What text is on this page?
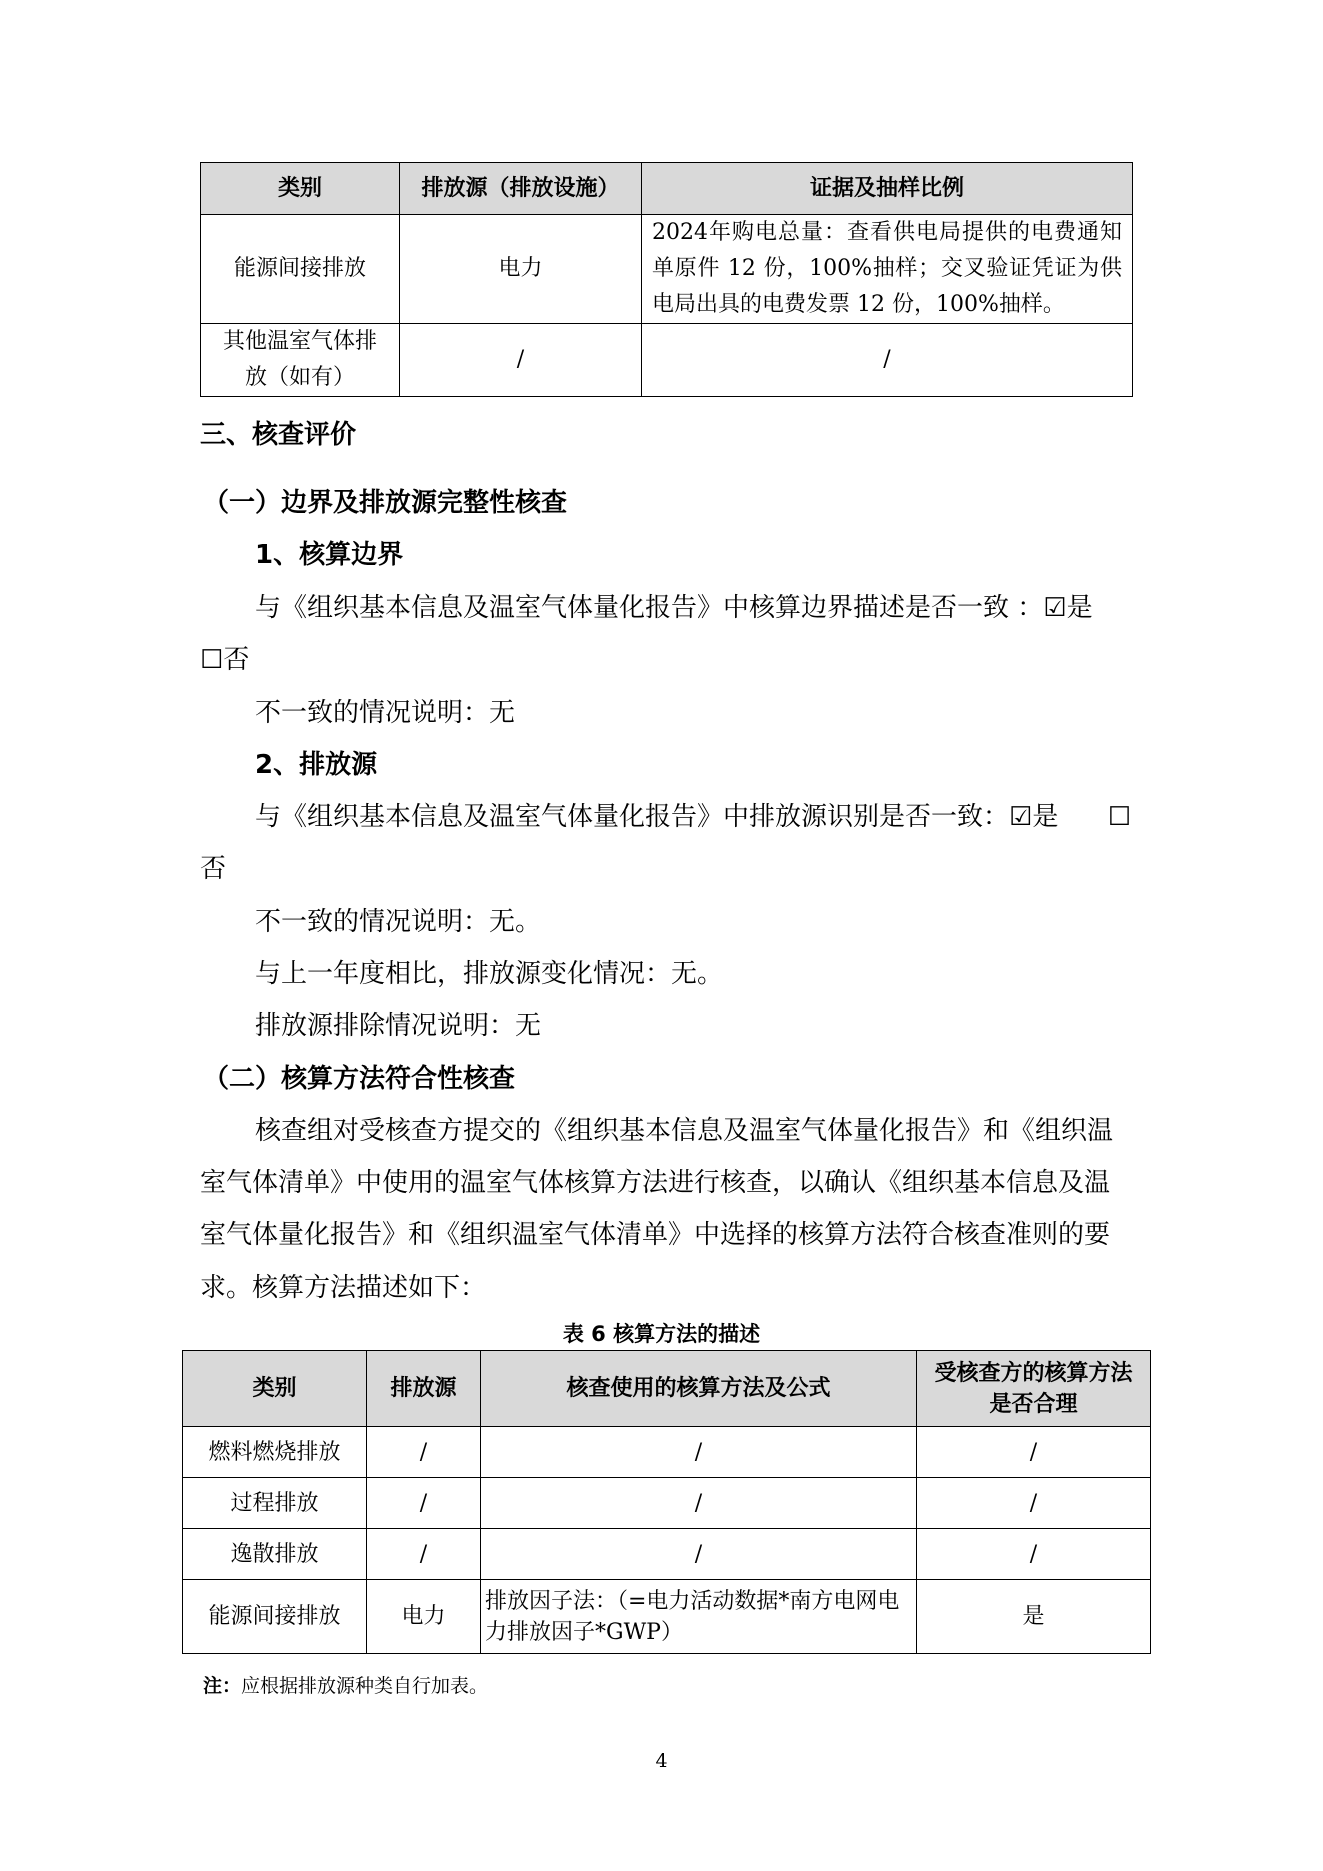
类别	排放源（排放设施）	证据及抽样比例
能源间接排放	电力	2024年购电总量：查看供电局提供的电费通知单原件 12 份，100%抽样；交叉验证凭证为供电局出具的电费发票 12 份，100%抽样。
其他温室气体排放（如有）	/	/
三、核查评价
（一）边界及排放源完整性核查
1、核算边界
与《组织基本信息及温室气体量化报告》中核算边界描述是否一致 ：☑是
☐否
不一致的情况说明：无
2、排放源
与《组织基本信息及温室气体量化报告》中排放源识别是否一致：☑是 ☐
否
不一致的情况说明：无。
与上一年度相比，排放源变化情况：无。
排放源排除情况说明：无
（二）核算方法符合性核查
核查组对受核查方提交的《组织基本信息及温室气体量化报告》和《组织温
室气体清单》中使用的温室气体核算方法进行核查，以确认《组织基本信息及温
室气体量化报告》和《组织温室气体清单》中选择的核算方法符合核查准则的要
求。核算方法描述如下：
表 6 核算方法的描述
类别	排放源	核查使用的核算方法及公式	受核查方的核算方法是否合理
燃料燃烧排放	/	/	/
过程排放	/	/	/
逸散排放	/	/	/
能源间接排放	电力	排放因子法：（=电力活动数据*南方电网电力排放因子*GWP）	是
注：应根据排放源种类自行加表。
4
